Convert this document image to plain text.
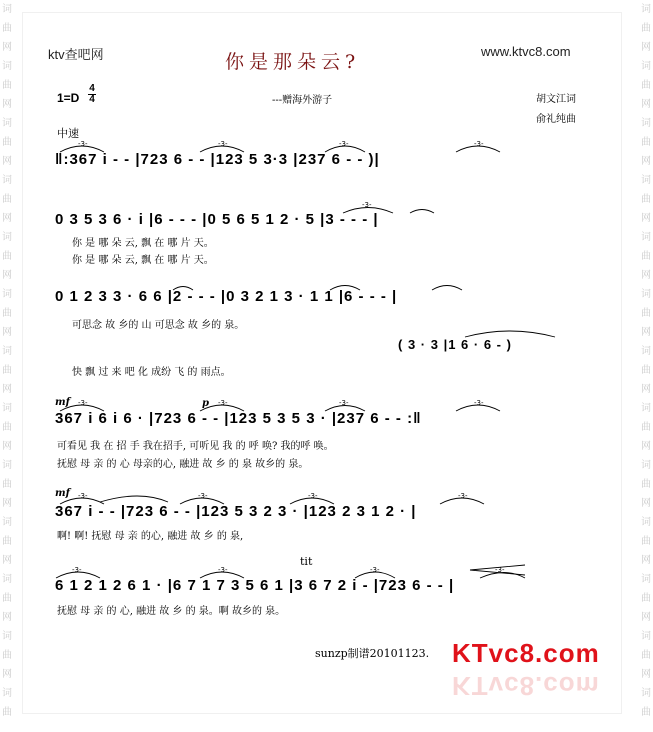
词
曲
网
词
曲
网
词
曲
网
词
曲
网
词
曲
网
词
曲
网
词
曲
网
词
曲
网
词
曲
网
词
曲
网
词
曲
网
词
曲
网
词
曲
词
曲
网
词
曲
网
词
曲
网
词
曲
网
词
曲
网
词
曲
网
词
曲
网
词
曲
网
词
曲
网
词
曲
网
词
曲
网
词
曲
网
词
曲
ktv查吧网	你是那朵云?	www.ktvc8.com
1=D
4
4	---赠海外游子	胡文江词
俞礼纯曲
中速
‖:367 i - - |723 6 - - |123 5 3·3 |237 6 - - )|
0 3 5 3 6 · i |6 - - - |0 5 6 5 1 2 · 5 |3 - - - |
你 是 哪 朵 云, 飘 在 哪 片 天。
你 是 哪 朵 云, 飘 在 哪 片 天。
0 1 2 3 3 · 6 6 |2 - - - |0 3 2 1 3 · 1 1 |6 - - - |
可思念 故 乡的 山 可思念 故 乡的 泉。
( 3 · 3 |1 6 · 6 - )
快 飘 过 来 吧 化 成纷 飞 的 雨点。
mf	p
367 i 6 i 6 · |723 6 - - |123 5 3 5 3 · |237 6 - - :‖
可看见 我 在 招 手 我在招手, 可听见 我 的 呼 唤? 我的呼 唤。
抚慰 母 亲 的 心 母亲的心, 融进 故 乡 的 泉 故乡的 泉。
mf
367 i - - |723 6 - - |123 5 3 2 3 · |123 2 3 1 2 · |
啊! 啊! 抚慰 母 亲 的心, 融进 故 乡 的 泉,
tit
6 1 2 1 2 6 1 · |6 7 1 7 3 5 6 1 |3 6 7 2 i - |723 6 - - |
抚慰 母 亲 的 心, 融进 故 乡 的 泉。啊 故乡的 泉。
sunzp制谱20101123. KTvc8.com
KTvc8.com
-3-	-3-	-3-	-3-
-3-
-3-	-3-	-3-	-3-
-3-	-3-	-3-	-3-
-3-	-3-	-3-	-3-
